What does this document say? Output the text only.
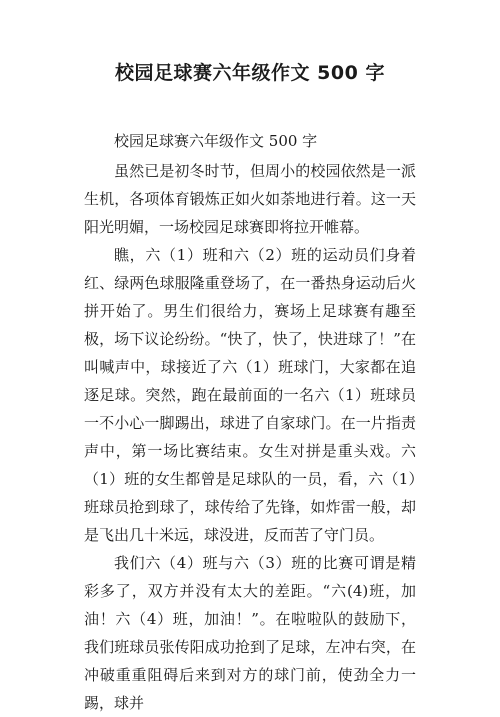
校园足球赛六年级作文 500 字

校园足球赛六年级作文 500 字

虽然已是初冬时节，但周小的校园依然是一派生机，各项体育锻炼正如火如荼地进行着。这一天阳光明媚，一场校园足球赛即将拉开帷幕。

瞧，六（1）班和六（2）班的运动员们身着红、绿两色球服隆重登场了，在一番热身运动后火拼开始了。男生们很给力，赛场上足球赛有趣至极，场下议论纷纷。“快了，快了，快进球了！”在叫喊声中，球接近了六（1）班球门，大家都在追逐足球。突然，跑在最前面的一名六（1）班球员一不小心一脚踢出，球进了自家球门。在一片指责声中，第一场比赛结束。女生对拼是重头戏。六（1）班的女生都曾是足球队的一员，看，六（1）班球员抢到球了，球传给了先锋，如炸雷一般，却是飞出几十米远，球没进，反而苦了守门员。

我们六（4）班与六（3）班的比赛可谓是精彩多了，双方并没有太大的差距。“六(4)班，加油！六（4）班，加油！”。在啦啦队的鼓励下，我们班球员张传阳成功抢到了足球，左冲右突，在冲破重重阻碍后来到对方的球门前，使劲全力一踢，球并
